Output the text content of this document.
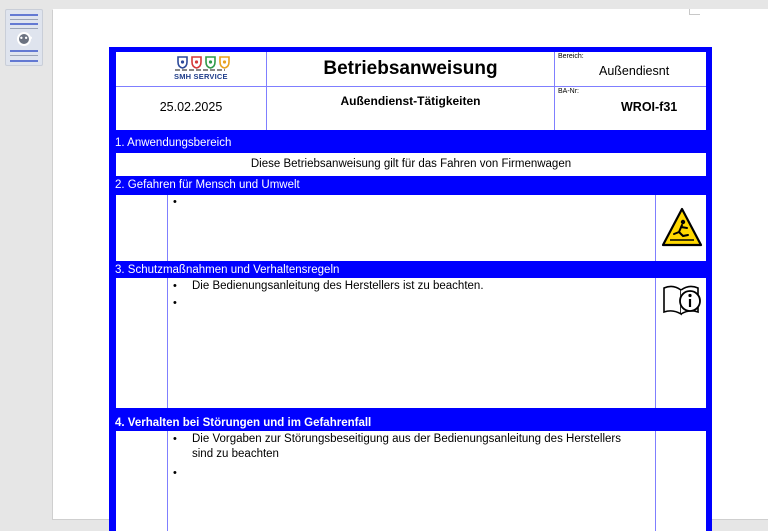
•••
SMH SERVICE	Betriebsanweisung
Bereich:
Außendiesnt
25.02.2025	Außendienst-Tätigkeiten
BA-Nr:
WROI-f31
1. Anwendungsbereich
Diese Betriebsanweisung gilt für das Fahren von Firmenwagen
2. Gefahren für Mensch und Umwelt
•
3. Schutzmaßnahmen und Verhaltensregeln
• Die Bedienungsanleitung des Herstellers ist zu beachten.
•
4. Verhalten bei Störungen und im Gefahrenfall
• Die Vorgaben zur Störungsbeseitigung aus der Bedienungsanleitung des Herstellers
sind zu beachten
•
